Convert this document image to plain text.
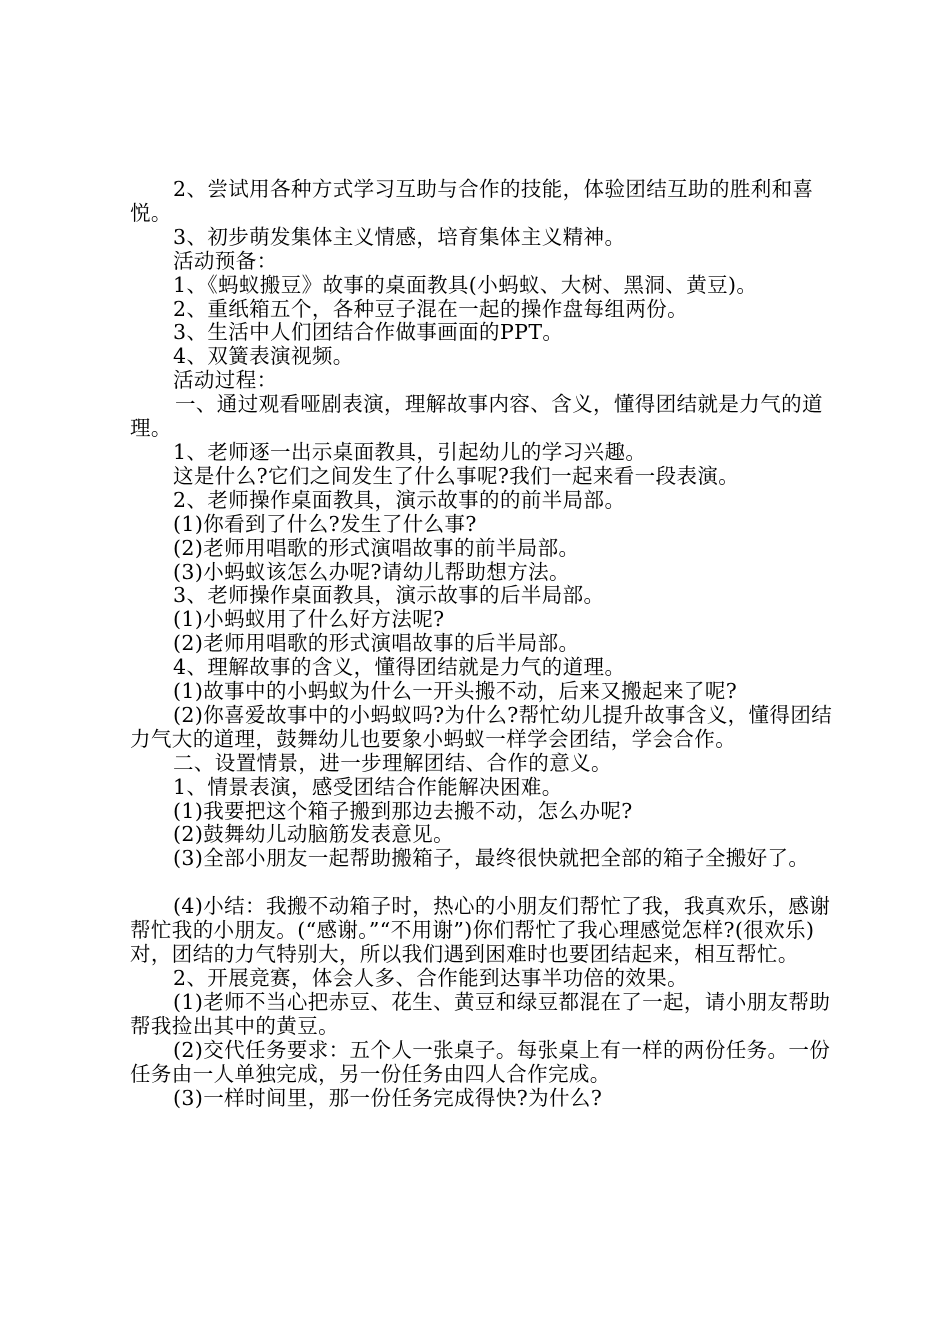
2、尝试用各种方式学习互助与合作的技能，体验团结互助的胜利和喜悦。

3、初步萌发集体主义情感，培育集体主义精神。

活动预备：

1、《蚂蚁搬豆》故事的桌面教具(小蚂蚁、大树、黑洞、黄豆)。

2、重纸箱五个，各种豆子混在一起的操作盘每组两份。

3、生活中人们团结合作做事画面的PPT。

4、双簧表演视频。

活动过程：

一、通过观看哑剧表演，理解故事内容、含义，懂得团结就是力气的道理。

1、老师逐一出示桌面教具，引起幼儿的学习兴趣。

这是什么?它们之间发生了什么事呢?我们一起来看一段表演。

2、老师操作桌面教具，演示故事的的前半局部。

(1)你看到了什么?发生了什么事?

(2)老师用唱歌的形式演唱故事的前半局部。

(3)小蚂蚁该怎么办呢?请幼儿帮助想方法。

3、老师操作桌面教具，演示故事的后半局部。

(1)小蚂蚁用了什么好方法呢?

(2)老师用唱歌的形式演唱故事的后半局部。

4、理解故事的含义，懂得团结就是力气的道理。

(1)故事中的小蚂蚁为什么一开头搬不动，后来又搬起来了呢?

(2)你喜爱故事中的小蚂蚁吗?为什么?帮忙幼儿提升故事含义，懂得团结力气大的道理，鼓舞幼儿也要象小蚂蚁一样学会团结，学会合作。

二、设置情景，进一步理解团结、合作的意义。

1、情景表演，感受团结合作能解决困难。

(1)我要把这个箱子搬到那边去搬不动，怎么办呢?

(2)鼓舞幼儿动脑筋发表意见。

(3)全部小朋友一起帮助搬箱子，最终很快就把全部的箱子全搬好了。

(4)小结：我搬不动箱子时，热心的小朋友们帮忙了我，我真欢乐，感谢帮忙我的小朋友。(“感谢。”“不用谢”)你们帮忙了我心理感觉怎样?(很欢乐)对，团结的力气特别大，所以我们遇到困难时也要团结起来，相互帮忙。

2、开展竞赛，体会人多、合作能到达事半功倍的效果。

(1)老师不当心把赤豆、花生、黄豆和绿豆都混在了一起，请小朋友帮助帮我捡出其中的黄豆。

(2)交代任务要求：五个人一张桌子。每张桌上有一样的两份任务。一份任务由一人单独完成，另一份任务由四人合作完成。

(3)一样时间里，那一份任务完成得快?为什么?
